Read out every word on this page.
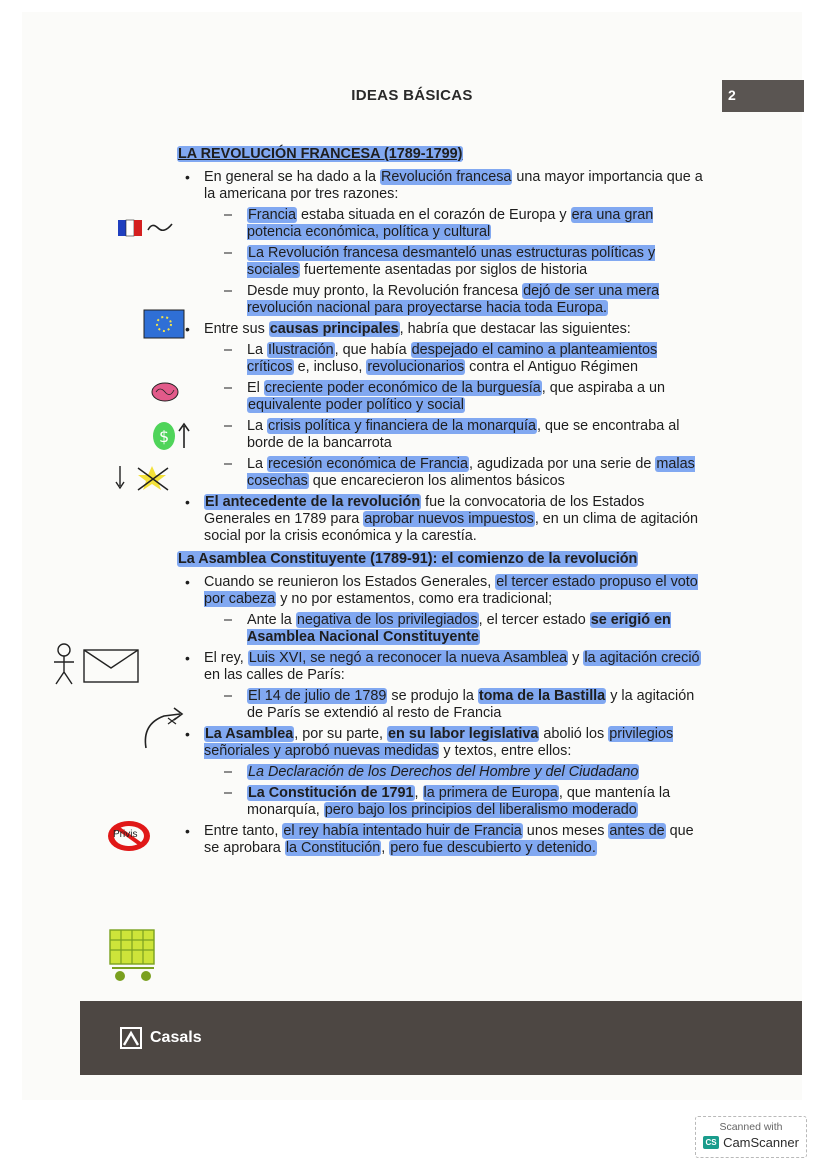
IDEAS BÁSICAS	2
$
Privis
LA REVOLUCIÓN FRANCESA (1789-1799)
• En general se ha dado a la Revolución francesa una mayor importancia que a la americana por tres razones:
– Francia estaba situada en el corazón de Europa y era una gran potencia económica, política y cultural
– La Revolución francesa desmanteló unas estructuras políticas y sociales fuertemente asentadas por siglos de historia
– Desde muy pronto, la Revolución francesa dejó de ser una mera revolución nacional para proyectarse hacia toda Europa.
• Entre sus causas principales, habría que destacar las siguientes:
– La Ilustración, que había despejado el camino a planteamientos críticos e, incluso, revolucionarios contra el Antiguo Régimen
– El creciente poder económico de la burguesía, que aspiraba a un equivalente poder político y social
– La crisis política y financiera de la monarquía, que se encontraba al borde de la bancarrota
– La recesión económica de Francia, agudizada por una serie de malas cosechas que encarecieron los alimentos básicos
• El antecedente de la revolución fue la convocatoria de los Estados Generales en 1789 para aprobar nuevos impuestos, en un clima de agitación social por la crisis económica y la carestía.
La Asamblea Constituyente (1789-91): el comienzo de la revolución
• Cuando se reunieron los Estados Generales, el tercer estado propuso el voto por cabeza y no por estamentos, como era tradicional;
– Ante la negativa de los privilegiados, el tercer estado se erigió en Asamblea Nacional Constituyente
• El rey, Luis XVI, se negó a reconocer la nueva Asamblea y la agitación creció en las calles de París:
– El 14 de julio de 1789 se produjo la toma de la Bastilla y la agitación de París se extendió al resto de Francia
• La Asamblea, por su parte, en su labor legislativa abolió los privilegios señoriales y aprobó nuevas medidas y textos, entre ellos:
– La Declaración de los Derechos del Hombre y del Ciudadano
– La Constitución de 1791, la primera de Europa, que mantenía la monarquía, pero bajo los principios del liberalismo moderado
• Entre tanto, el rey había intentado huir de Francia unos meses antes de que se aprobara la Constitución, pero fue descubierto y detenido.
Casals
Scanned with
CS CamScanner
